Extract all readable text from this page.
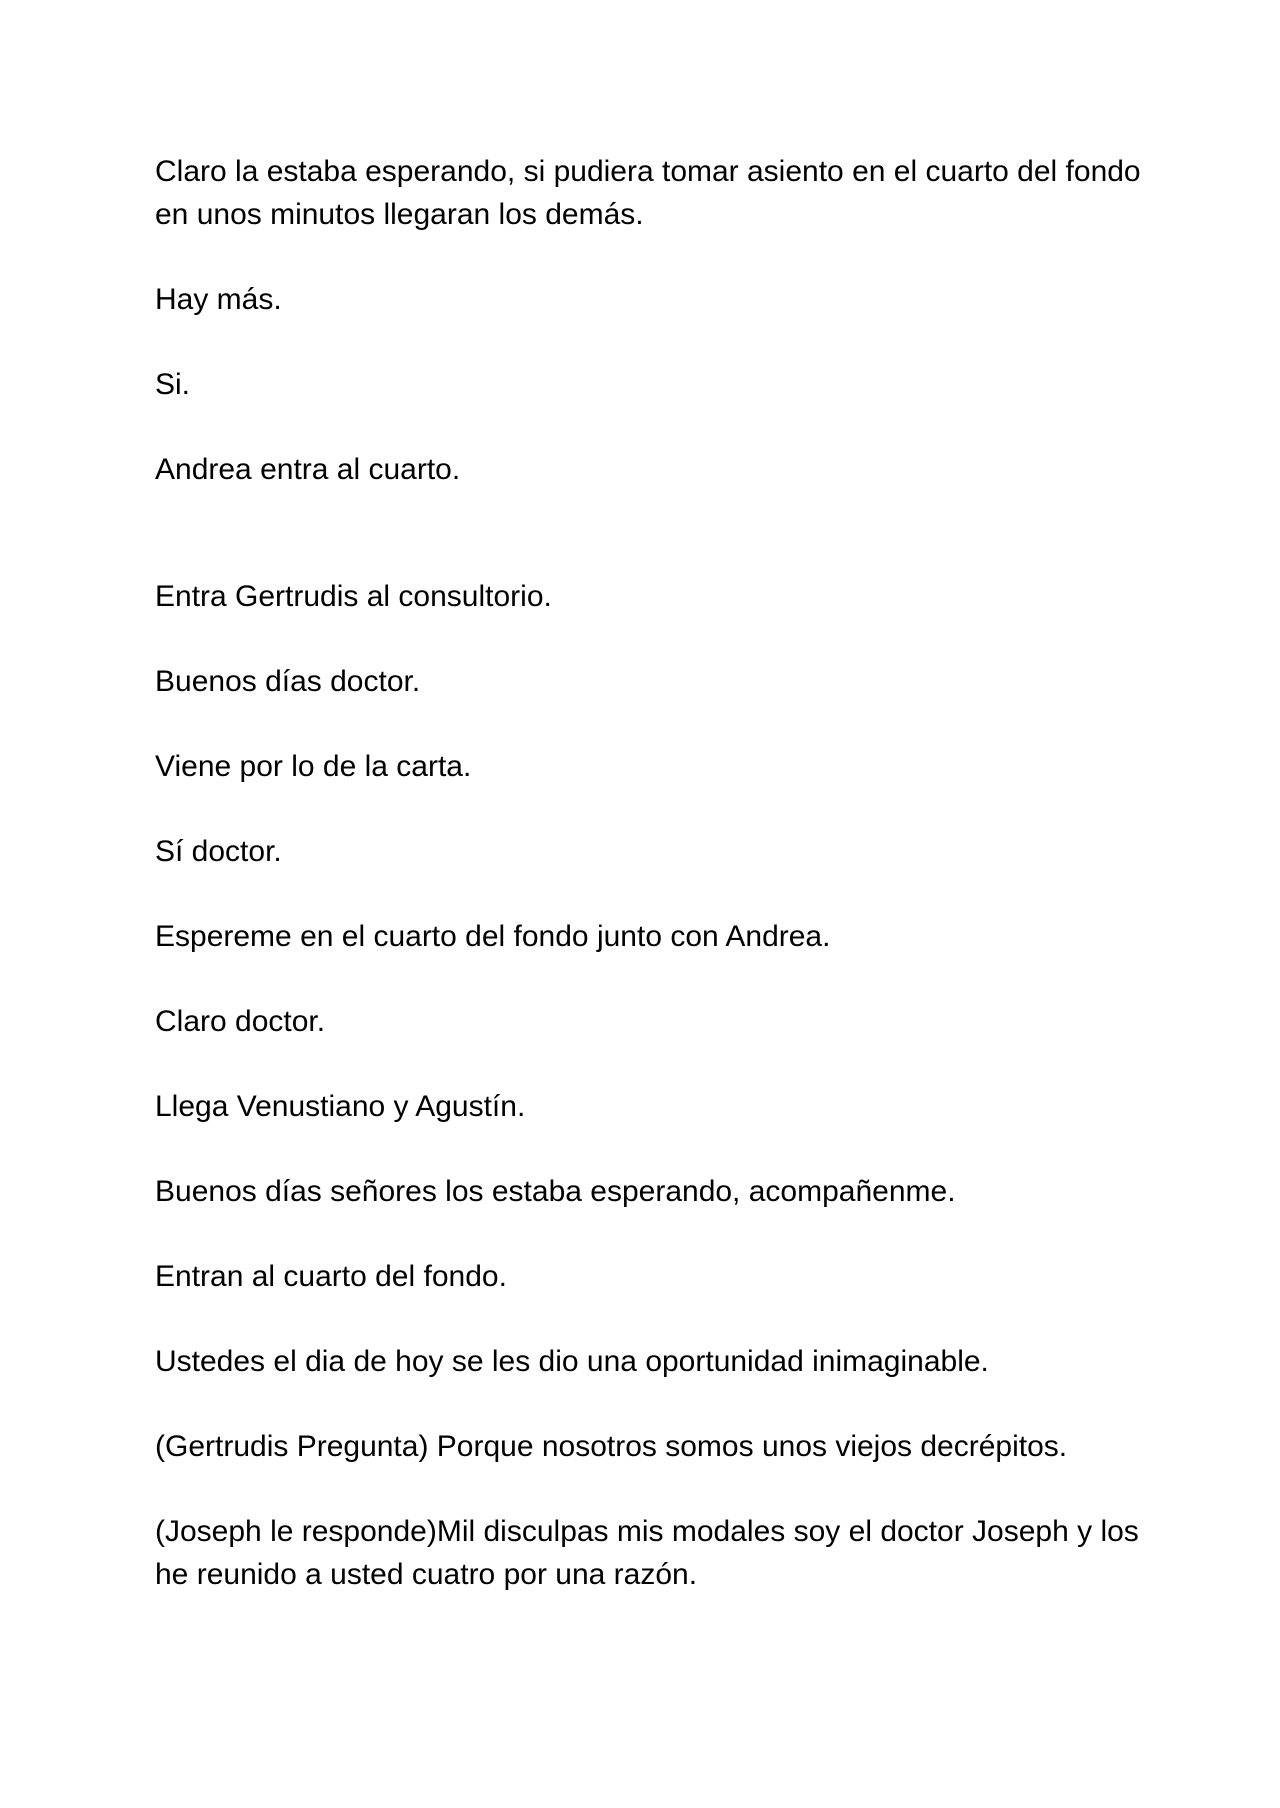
Claro la estaba esperando, si pudiera tomar asiento en el cuarto del fondo en unos minutos llegaran los demás.

Hay más.

Si.

Andrea entra al cuarto.

Entra Gertrudis al consultorio.

Buenos días doctor.

Viene por lo de la carta.

Sí doctor.

Espereme en el cuarto del fondo junto con Andrea.

Claro doctor.

Llega Venustiano y Agustín.

Buenos días señores los estaba esperando, acompañenme.

Entran al cuarto del fondo.

Ustedes el dia de hoy se les dio una oportunidad inimaginable.

(Gertrudis Pregunta) Porque nosotros somos unos viejos decrépitos.

(Joseph le responde)Mil disculpas mis modales soy el doctor Joseph y los he reunido a usted cuatro por una razón.
